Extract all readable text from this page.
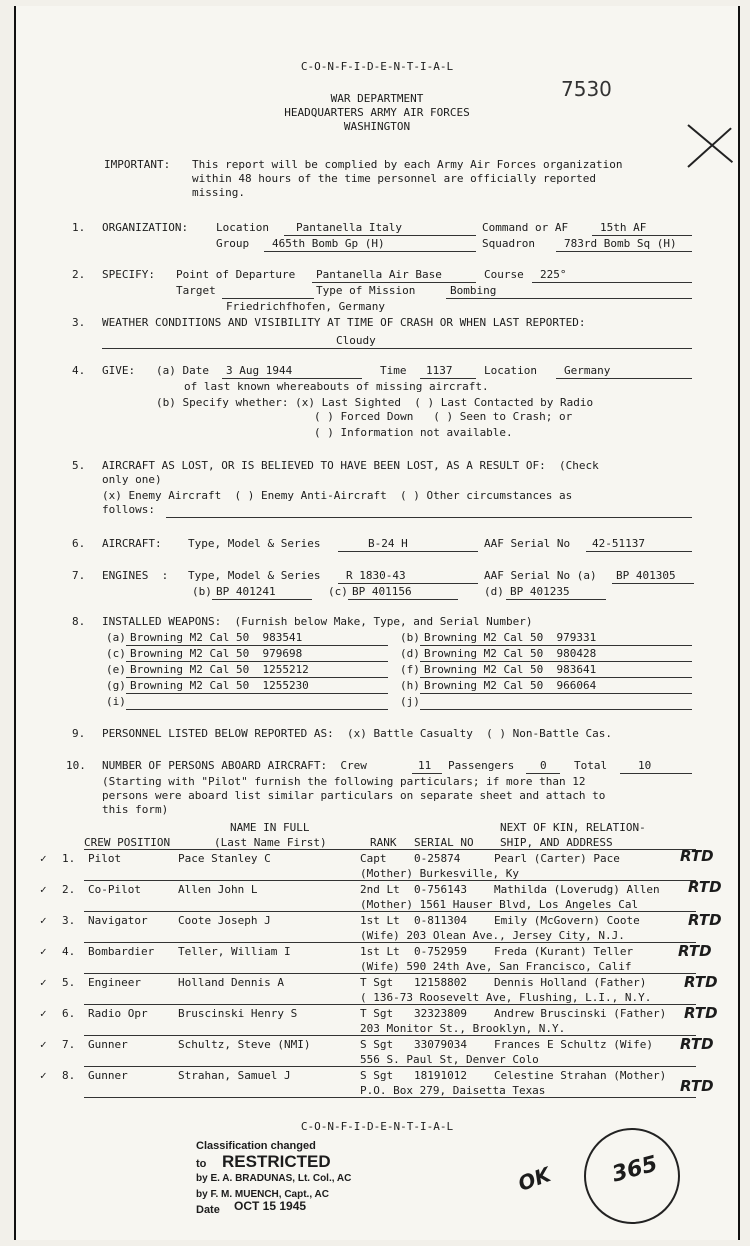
C-O-N-F-I-D-E-N-T-I-A-L
7530
WAR DEPARTMENT
HEADQUARTERS ARMY AIR FORCES
WASHINGTON
IMPORTANT: This report will be complied by each Army Air Forces organization
within 48 hours of the time personnel are officially reported
missing.
1. ORGANIZATION:	Location Pantanella Italy	Command or AF	15th AF
Group 465th Bomb Gp (H)	Squadron	783rd Bomb Sq (H)
2. SPECIFY: Point of Departure Pantanella Air Base	Course 225°
Target	Type of Mission	Bombing
Friedrichfhofen, Germany
3. WEATHER CONDITIONS AND VISIBILITY AT TIME OF CRASH OR WHEN LAST REPORTED:
Cloudy
4. GIVE: (a) Date 3 Aug 1944	Time 1137	Location Germany
of last known whereabouts of missing aircraft.
(b) Specify whether: (x) Last Sighted  ( ) Last Contacted by Radio
( ) Forced Down   ( ) Seen to Crash; or
( ) Information not available.
5. AIRCRAFT AS LOST, OR IS BELIEVED TO HAVE BEEN LOST, AS A RESULT OF:  (Check
only one)
(x) Enemy Aircraft  ( ) Enemy Anti-Aircraft  ( ) Other circumstances as
follows:
6. AIRCRAFT: Type, Model & Series	B-24 H	AAF Serial No 42-51137
7. ENGINES  : Type, Model & Series R 1830-43	AAF Serial No (a) BP 401305
(b) BP 401241	(c) BP 401156	(d) BP 401235
8. INSTALLED WEAPONS:  (Furnish below Make, Type, and Serial Number)
(a) Browning M2 Cal 50  983541	(b) Browning M2 Cal 50  979331
(c) Browning M2 Cal 50  979698	(d) Browning M2 Cal 50  980428
(e) Browning M2 Cal 50  1255212	(f) Browning M2 Cal 50  983641
(g) Browning M2 Cal 50  1255230	(h) Browning M2 Cal 50  966064
(i)	(j)
9. PERSONNEL LISTED BELOW REPORTED AS:  (x) Battle Casualty  ( ) Non-Battle Cas.
10. NUMBER OF PERSONS ABOARD AIRCRAFT:  Crew	11 Passengers 0 Total	10
(Starting with "Pilot" furnish the following particulars; if more than 12
persons were aboard list similar particulars on separate sheet and attach to
this form)
NAME IN FULL	NEXT OF KIN, RELATION-
CREW POSITION	(Last Name First)	RANK SERIAL NO SHIP, AND ADDRESS
✓ 1. Pilot	Pace Stanley C	Capt	0-25874	Pearl (Carter) Pace	RTD
(Mother) Burkesville, Ky
✓ 2. Co-Pilot	Allen John L	2nd Lt 0-756143 Mathilda (Loverudg) Allen RTD
(Mother) 1561 Hauser Blvd, Los Angeles Cal
✓ 3. Navigator	Coote Joseph J	1st Lt 0-811304 Emily (McGovern) Coote	RTD
(Wife) 203 Olean Ave., Jersey City, N.J.
✓ 4. Bombardier Teller, William I	1st Lt 0-752959 Freda (Kurant) Teller	RTD
(Wife) 590 24th Ave, San Francisco, Calif
✓ 5. Engineer	Holland Dennis A	T Sgt 12158802 Dennis Holland (Father)	RTD
( 136-73 Roosevelt Ave, Flushing, L.I., N.Y.
✓ 6. Radio Opr	Bruscinski Henry S	T Sgt 32323809 Andrew Bruscinski (Father) RTD
203 Monitor St., Brooklyn, N.Y.
✓ 7. Gunner	Schultz, Steve (NMI)	S Sgt 33079034 Frances E Schultz (Wife) RTD
556 S. Paul St, Denver Colo
✓ 8. Gunner	Strahan, Samuel J	S Sgt 18191012 Celestine Strahan (Mother)
RTD
P.O. Box 279, Daisetta Texas
C-O-N-F-I-D-E-N-T-I-A-L
Classification changed
to RESTRICTED
by E. A. BRADUNAS, Lt. Col., AC
by F. M. MUENCH, Capt., AC
Date OCT 15 1945
OK	365
